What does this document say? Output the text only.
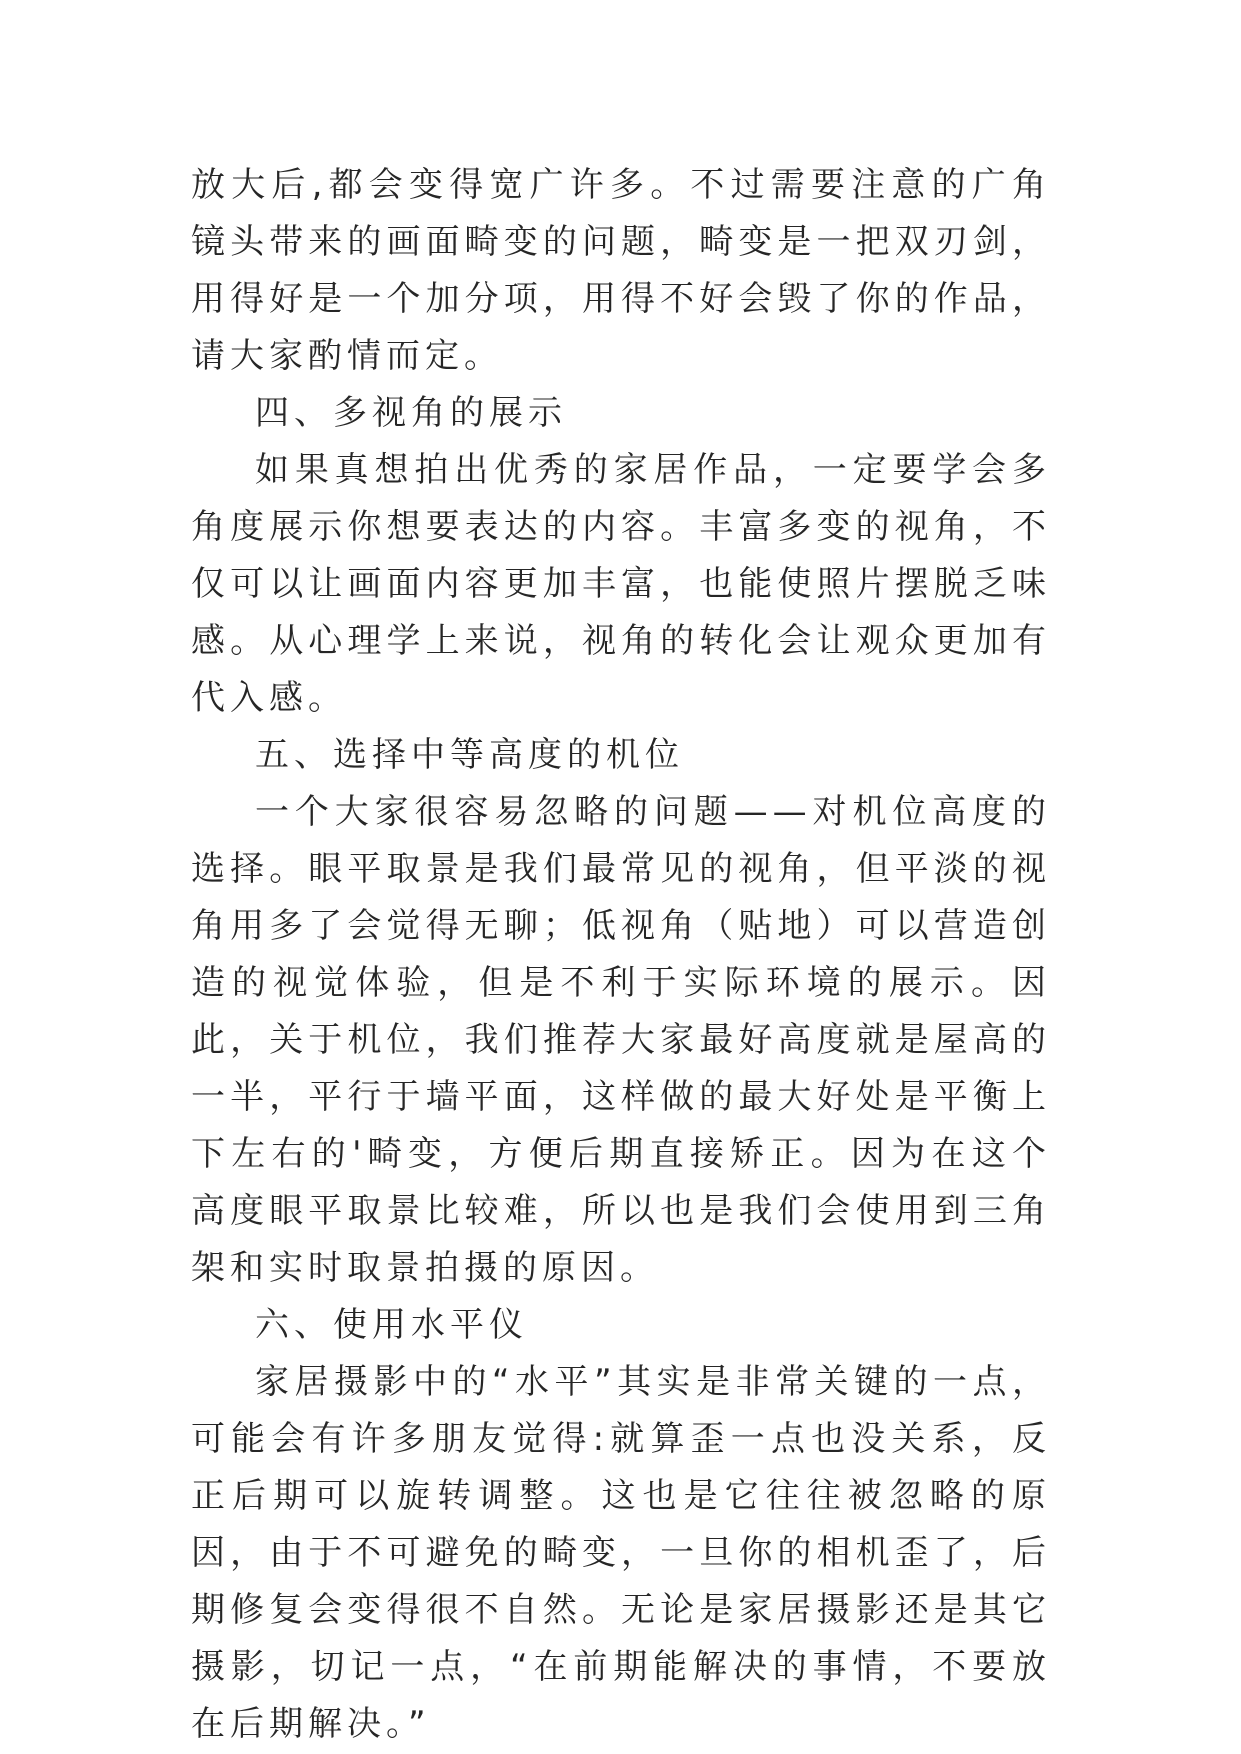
放大后,都会变得宽广许多。不过需要注意的广角镜头带来的画面畸变的问题，畸变是一把双刃剑，用得好是一个加分项，用得不好会毁了你的作品，请大家酌情而定。

四、多视角的展示

如果真想拍出优秀的家居作品，一定要学会多角度展示你想要表达的内容。丰富多变的视角，不仅可以让画面内容更加丰富，也能使照片摆脱乏味感。从心理学上来说，视角的转化会让观众更加有代入感。

五、选择中等高度的机位

一个大家很容易忽略的问题——对机位高度的选择。眼平取景是我们最常见的视角，但平淡的视角用多了会觉得无聊；低视角（贴地）可以营造创造的视觉体验，但是不利于实际环境的展示。因此，关于机位，我们推荐大家最好高度就是屋高的一半，平行于墙平面，这样做的最大好处是平衡上下左右的'畸变，方便后期直接矫正。因为在这个高度眼平取景比较难，所以也是我们会使用到三角架和实时取景拍摄的原因。

六、使用水平仪

家居摄影中的“水平”其实是非常关键的一点，可能会有许多朋友觉得:就算歪一点也没关系，反正后期可以旋转调整。这也是它往往被忽略的原因，由于不可避免的畸变，一旦你的相机歪了，后期修复会变得很不自然。无论是家居摄影还是其它摄影，切记一点，“在前期能解决的事情，不要放在后期解决。”
